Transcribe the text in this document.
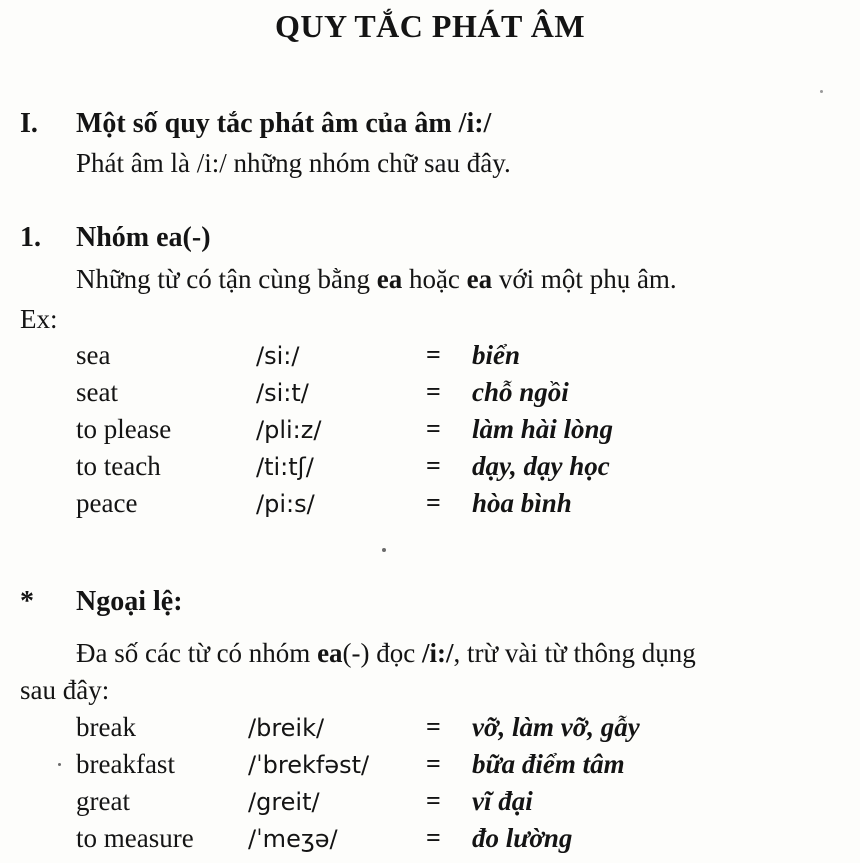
QUY TẮC PHÁT ÂM
I. Một số quy tắc phát âm của âm /i:/
Phát âm là /i:/ những nhóm chữ sau đây.
1. Nhóm ea(-)
Những từ có tận cùng bằng ea hoặc ea với một phụ âm.
Ex:
sea	/si:/	= biển
seat	/si:t/	= chỗ ngồi
to please	/pli:z/	= làm hài lòng
to teach	/ti:tʃ/	= dạy, dạy học
peace	/pi:s/	= hòa bình
* Ngoại lệ:
Đa số các từ có nhóm ea(-) đọc /i:/, trừ vài từ thông dụng
sau đây:
break	/breik/	= vỡ, làm vỡ, gẫy
breakfast	/ˈbrekfəst/ = bữa điểm tâm
great	/greit/	= vĩ đại
to measure /ˈmeʒə/	= đo lường
